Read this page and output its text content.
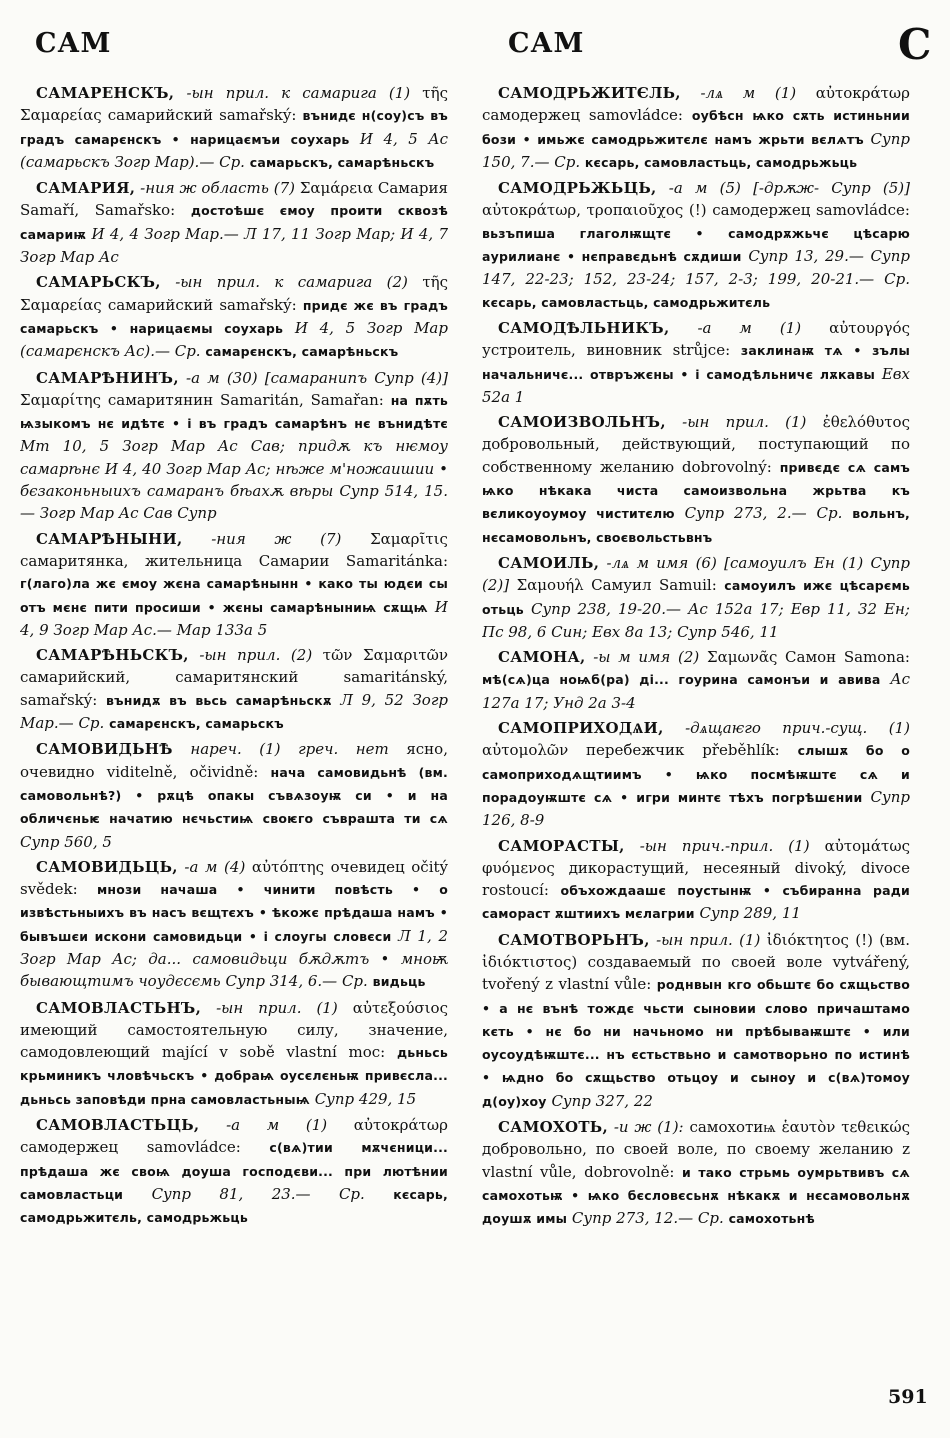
САМ	САМ	С

САМАРЕНСКЪ, -ын прил. к самарига (1) τῆς Σαμαρείας самарийский samařský: вънидє н(соу)съ въ градъ самарєнскъ • нарицаємъи соухарь И 4, 5 Ас (самарьскъ Зогр Мар).— Ср. самарьскъ, самарѣньскъ

САМАРИЯ, -ния ж область (7) Σαμάρεια Самария Samaří, Samařsko: достоѣшє ємоу проити сквозѣ самариѭ И 4, 4 Зогр Мар.— Л 17, 11 Зогр Мар; И 4, 7 Зогр Мар Ас

САМАРЬСКЪ, -ын прил. к самарига (2) τῆς Σαμαρείας самарийский samařský: придє жє въ градъ самарьскъ • нарицаємы соухарь И 4, 5 Зогр Мар (самарєнскъ Ас).— Ср. самарєнскъ, самарѣньскъ

САМАРѢНИНЪ, -а м (30) [самараниnъ Супр (4)] Σαμαρίτης самаритянин Samaritán, Samařan: на пѫть ѩзыкомъ нє идѣтє • і въ градъ самарѣнъ нє вънидѣтє Мт 10, 5 Зогр Мар Ас Сав; придѫ къ нѥмоу самарѣнє И 4, 40 Зогр Мар Ас; нѣже м'ножаишии • бєзаконьныихъ самаранъ бѣахѫ вѣры Супр 514, 15.— Зогр Мар Ас Сав Супр

САМАРѢНЫНИ, -ния ж (7) Σαμαρῖτις самаритянка, жительница Самарии Samaritánka: г(лаго)ла жє ємоу жєна самарѣнынн • како ты юдєи сы отъ мєнє пити просиши • жєны самарѣныниѩ сѫщѩ И 4, 9 Зогр Мар Ас.— Мар 133а 5

САМАРѢНЬСКЪ, -ын прил. (2) τῶν Σαμαριτῶν самарийский, самаритянский samaritánský, samařský: вънидѫ въ вьсь самарѣньскѫ Л 9, 52 Зогр Мар.— Ср. самарєнскъ, самарьскъ

САМОВИДЬНѢ нареч. (1) греч. нет ясно, очевидно viditelně, očividně: нача самовидьнѣ (вм. самовольнѣ?) • рѫцѣ опакы съвѧзоуѭ си • и на обличєньѥ начатию нєчьстиѩ своѥго съврашта ти сѧ Супр 560, 5

САМОВИДЬЦЬ, -а м (4) αὐτόπτης очевидец očitý svědek: мнози начаша • чинити повѣсть • о извѣстьныихъ въ насъ вєщтєхъ • ѣкожє прѣдаша намъ • бывъшєи искони самовидьци • і слоугы словєси Л 1, 2 Зогр Мар Ас; да... самовидьци бѫдѫтъ • мноѭ бывающтимъ чоудєсємь Супр 314, 6.— Ср. видьць

САМОВЛАСТЬНЪ, -ын прил. (1) αὐτεξούσιος имеющий самостоятельную силу, значение, самодовлеющий mající v sobě vlastní moc: дьньсь крьминикъ чловѣчьскъ • добраѩ оусєлєньѭ привєсла... дьньсь заповѣди прна самовластьныѩ Супр 429, 15

САМОВЛАСТЬЦЬ, -а м (1) αὐτοκράτωρ самодержец samovládce: с(вѧ)тии мѫчєници... прѣдаша жє своѩ доуша господєви... при лютѣнии самовластьци Супр 81, 23.— Ср. кєсарь, самодрьжитєль, самодрьжьць

САМОДРЬЖИТЄЛЬ, -лѧ м (1) αὐτοκράτωρ самодержец samovládce: оубѣсн ѩко сѫть истиньнии бози • имьжє самодрьжитєлє намъ жрьти вєлѧтъ Супр 150, 7.— Ср. кєсарь, самовластьць, самодрьжьць

САМОДРЬЖЬЦЬ, -а м (5) [-дрѫж- Супр (5)] αὐτοκράτωρ, τροπαιοῦχος (!) самодержец samovládce: вьзъпиша глаголѭщтє • самодрѫжьчє цѣсарю аурилианє • нєправєдьнѣ сѫдиши Супр 13, 29.— Супр 147, 22-23; 152, 23-24; 157, 2-3; 199, 20-21.— Ср. кєсарь, самовластьць, самодрьжитєль

САМОДѢЛЬНИКЪ, -а м (1) αὐτουργός устроитель, виновник strůjce: заклинаѭ тѧ • зълы начальничє... отвръжєны • і самодѣльничє лѫкавы Евх 52а 1

САМОИЗВОЛЬНЪ, -ын прил. (1) ἐθελόθυτος добровольный, действующий, поступающий по собственному желанию dobrovolný: привєдє сѧ самъ ѩко нѣкака чиста самоизвольна жрьтва къ вєликоуоумоу чиститєлю Супр 273, 2.— Ср. вольнъ, нєсамовольнъ, своєвольстьвнъ

САМОИЛЬ, -лѧ м имя (6) [самоуилъ Ен (1) Супр (2)] Σαμουήλ Самуил Samuil: самоуилъ ижє цѣсарємь отьць Супр 238, 19-20.— Ас 152а 17; Евр 11, 32 Ен; Пс 98, 6 Син; Евх 8а 13; Супр 546, 11

САМОНА, -ы м имя (2) Σαμωνᾶς Самон Samona: мѣ(сѧ)ца ноѩб(ра) ді... гоурина самонъи и авива Ас 127а 17; Унд 2а 3-4

САМОПРИХОДѦИ, -дѧщаѥго прич.-сущ. (1) αὐτομολῶν перебежчик přeběhlík: слышѫ бо о самоприходѧщтиимъ • ѩко посмѣѭштє сѧ и порадоуѭштє сѧ • игри минтє тѣхъ погрѣшєнии Супр 126, 8-9

САМОРАСТЫ, -ын прич.-прил. (1) αὐτομάτως φυόμενος дикорастущий, несеяный divoký, divoce rostoucí: объхождаашє поустынѭ • събиранна ради самораст ѫштиихъ мєлагрии Супр 289, 11

САМОТВОРЬНЪ, -ын прил. (1) ἰδιόκτητος (!) (вм. ἰδιόκτιστος) создаваемый по своей воле vytvářený, tvořený z vlastní vůle: роднвын кго обьштє бо сѫщьство • а нє вънѣ тождє чьсти сыновии слово причаштамо кєть • нє бо ни начьномо ни прѣбываѭштє • или оусоудѣѭштє... нъ єстьствьно и самотворьно по истинѣ • ѩдно бо сѫщьство отьцоу и сыноу и с(вѧ)томоу д(оу)хоу Супр 327, 22

САМОХОТЬ, -и ж (1): самохотиѩ ἑαυτὸν τεθεικώς добровольно, по своей воле, по своему желанию z vlastní vůle, dobrovolně: и тако стрьмь оумрьтвивъ сѧ самохотьѭ • ѩко бєсловєсьнѫ нѣкакѫ и нєсамовольнѫ доушѫ имы Супр 273, 12.— Ср. самохотьнѣ

591
